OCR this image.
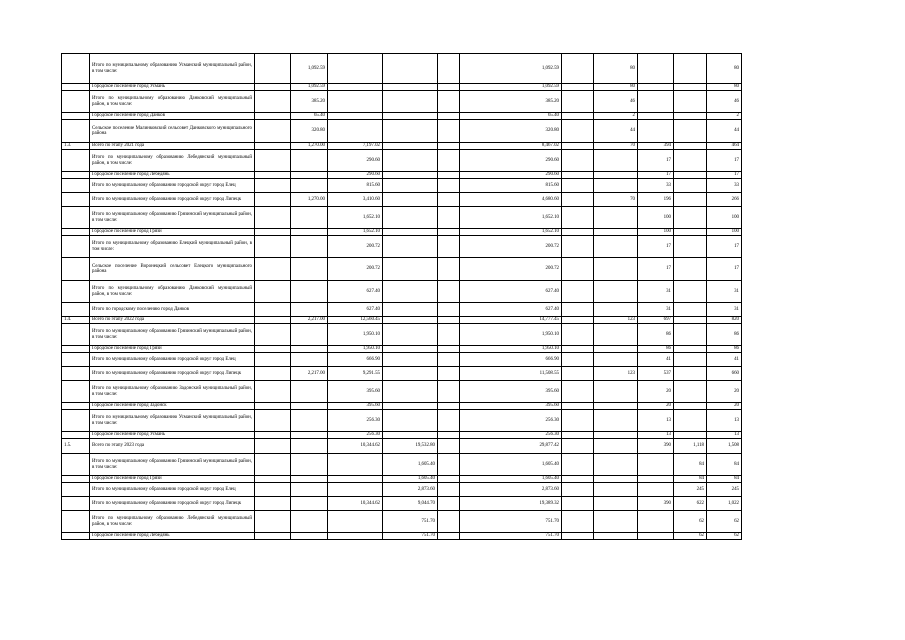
	Итого по муниципальному образованию Усманский муниципальный район, в том числе:		1,092.59				1,092.59		80			80
	Городское поселение город Усмань		1,092.59				1,092.59		80			80
	Итого по муниципальному образованию Данковский муниципальный район, в том числе:		385.20				385.20		46			46
	Городское поселение город Данков		65.40				65.40		2			2
	Сельское поселение Малинковский сельсовет Данковского муниципального района		320.80				320.80		44			44
1.3.	Всего по этапу 2021 года		1,270.00	7,197.02			8,467.02		70	394		464
	Итого по муниципальному образованию Лебедянский муниципальный район, в том числе:			290.60			290.60			17		17
	Городское поселение город Лебедянь			290.60			290.60			17		17
	Итого по муниципальному образованию городской округ город Елец			815.60			815.60			33		33
	Итого по муниципальному образованию городской округ город Липецк		1,270.00	3,410.60			4,680.60		70	196		266
	Итого по муниципальному образованию Грязинский муниципальный район, в том числе:			1,652.10			1,652.10			100		100
	Городское поселение город Грязи			1,652.10			1,652.10			100		100
	Итого по муниципальному образованию Елецкий муниципальный район, в том числе:			200.72			200.72			17		17
	Сельское поселение Воронецкий сельсовет Елецкого муниципального района			200.72			200.72			17		17
	Итого по муниципальному образованию Данковский муниципальный район, в том числе:			627.40			627.40			31		31
	Итого по городскому поселению город Данков			627.40			627.40			31		31
1.4.	Всего по этапу 2022 года		2,217.00	12,560.45			14,777.45		123	697		820
	Итого по муниципальному образованию Грязинский муниципальный район, в том числе:			1,950.10			1,950.10			86		86
	Городское поселение город Грязи			1,950.10			1,950.10			86		86
	Итого по муниципальному образованию городской округ город Елец			666.90			666.90			41		41
	Итого по муниципальному образованию городской округ город Липецк		2,217.00	9,291.55			11,508.55		123	537		660
	Итого по муниципальному образованию Задонский муниципальный район, в том числе:			395.60			395.60			20		20
	Городское поселение город Задонск			395.60			395.60			20		20
	Итого по муниципальному образованию Усманский муниципальный район, в том числе:			256.30			256.30			13		13
	Городское поселение город Усмань			256.30			256.30			13		13
1.5.	Всего по этапу 2023 года			10,344.62	19,532.80		29,877.42			390	1,118	1,508
	Итого по муниципальному образованию Грязинский муниципальный район, в том числе:				1,605.40		1,605.40				84	84
	Городское поселение город Грязи				1,605.40		1,605.40				84	84
	Итого по муниципальному образованию городской округ город Елец				2,873.60		2,873.60				245	245
	Итого по муниципальному образованию городской округ город Липецк			10,344.62	9,044.70		19,389.32			390	622	1,022
	Итого по муниципальному образованию Лебедянский муниципальный район, в том числе:				751.70		751.70				62	62
	Городское поселение город Лебедянь				751.70		751.70				62	62
